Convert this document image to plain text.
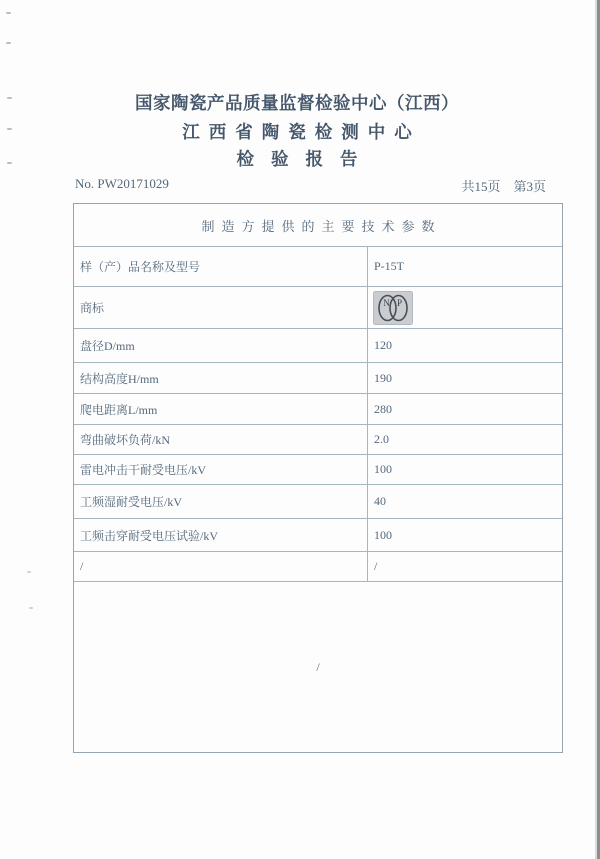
国家陶瓷产品质量监督检验中心（江西）
江西省陶瓷检测中心
检验报告
No. PW20171029	共15页 第3页
制造方提供的主要技术参数
样（产）品名称及型号	P-15T
商标	N P
盘径D/mm	120
结构高度H/mm	190
爬电距离L/mm	280
弯曲破坏负荷/kN	2.0
雷电冲击干耐受电压/kV	100
工频湿耐受电压/kV	40
工频击穿耐受电压试验/kV	100
/	/
/
